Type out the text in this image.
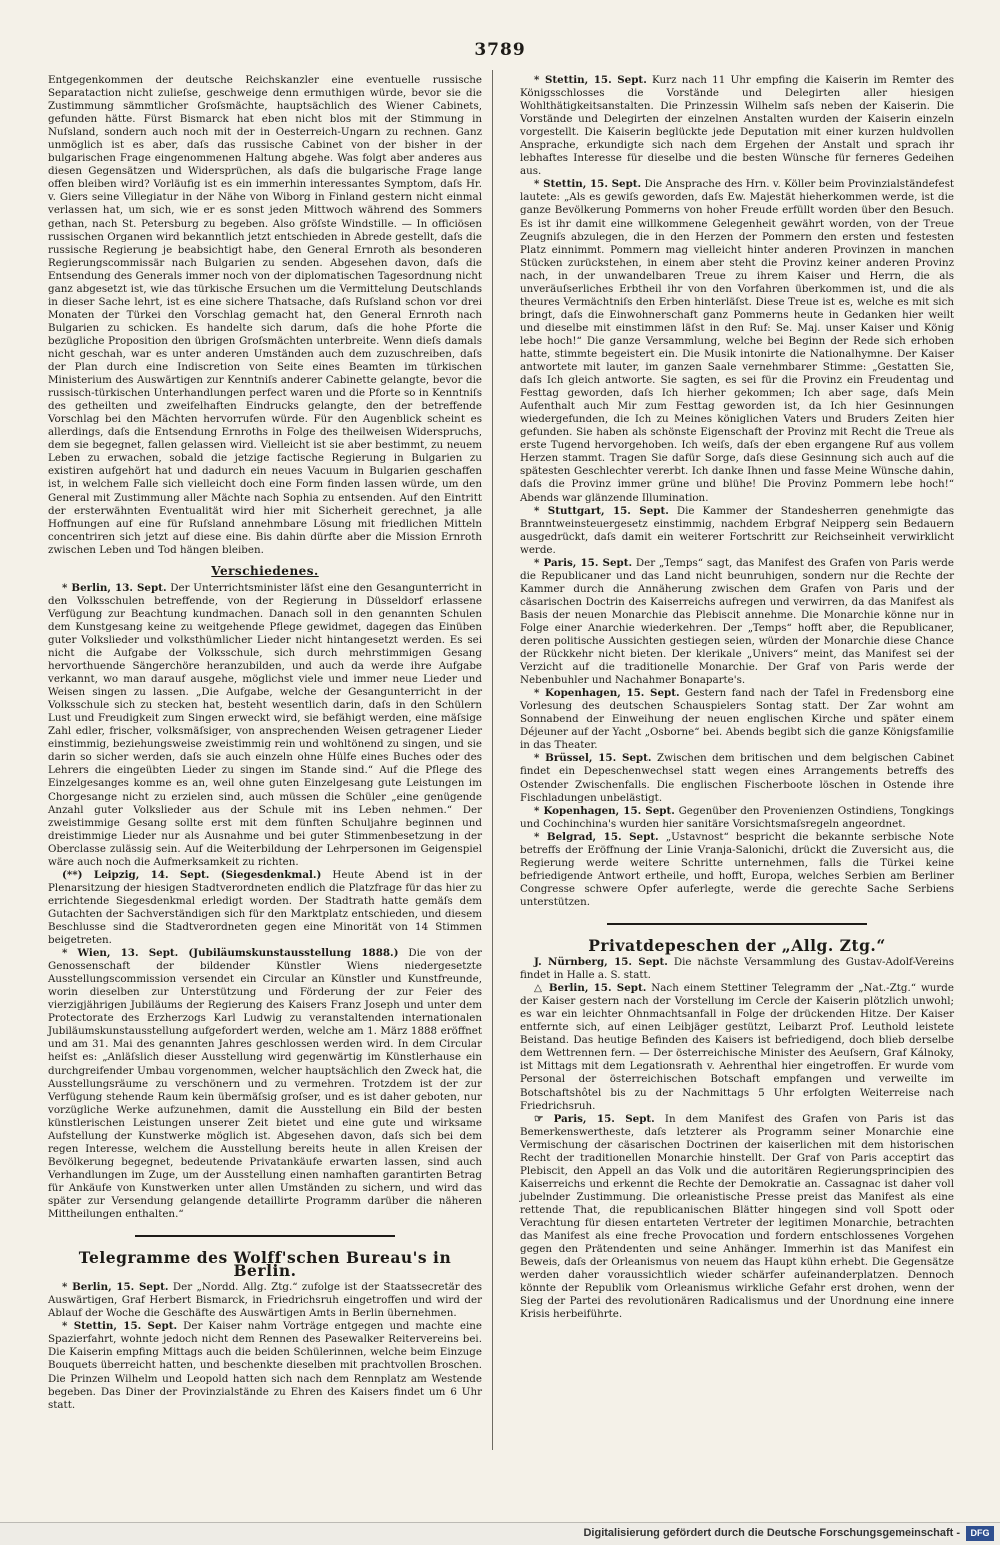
3789

Entgegenkommen der deutsche Reichskanzler eine eventuelle russische Separataction nicht zulieſse, geschweige denn ermuthigen würde, bevor sie die Zustimmung sämmtlicher Groſsmächte, hauptsächlich des Wiener Cabinets, gefunden hätte. Fürst Bismarck hat eben nicht blos mit der Stimmung in Nuſsland, sondern auch noch mit der in Oesterreich-Ungarn zu rechnen. Ganz unmöglich ist es aber, daſs das russische Cabinet von der bisher in der bulgarischen Frage eingenommenen Haltung abgehe. Was folgt aber anderes aus diesen Gegensätzen und Widersprüchen, als daſs die bulgarische Frage lange offen bleiben wird? Vorläufig ist es ein immerhin interessantes Symptom, daſs Hr. v. Giers seine Villegiatur in der Nähe von Wiborg in Finland gestern nicht einmal verlassen hat, um sich, wie er es sonst jeden Mittwoch während des Sommers gethan, nach St. Petersburg zu begeben. Also gröſste Windstille. — In officiösen russischen Organen wird bekanntlich jetzt entschieden in Abrede gestellt, daſs die russische Regierung je beabsichtigt habe, den General Ernroth als besonderen Regierungscommissär nach Bulgarien zu senden. Abgesehen davon, daſs die Entsendung des Generals immer noch von der diplomatischen Tagesordnung nicht ganz abgesetzt ist, wie das türkische Ersuchen um die Vermittelung Deutschlands in dieser Sache lehrt, ist es eine sichere Thatsache, daſs Ruſsland schon vor drei Monaten der Türkei den Vorschlag gemacht hat, den General Ernroth nach Bulgarien zu schicken. Es handelte sich darum, daſs die hohe Pforte die bezügliche Proposition den übrigen Groſsmächten unterbreite. Wenn dieſs damals nicht geschah, war es unter anderen Umständen auch dem zuzuschreiben, daſs der Plan durch eine Indiscretion von Seite eines Beamten im türkischen Ministerium des Auswärtigen zur Kenntniſs anderer Cabinette gelangte, bevor die russisch-türkischen Unterhandlungen perfect waren und die Pforte so in Kenntniſs des getheilten und zweifelhaften Eindrucks gelangte, den der betreffende Vorschlag bei den Mächten hervorrufen würde. Für den Augenblick scheint es allerdings, daſs die Entsendung Ernroths in Folge des theilweisen Widerspruchs, dem sie begegnet, fallen gelassen wird. Vielleicht ist sie aber bestimmt, zu neuem Leben zu erwachen, sobald die jetzige factische Regierung in Bulgarien zu existiren aufgehört hat und dadurch ein neues Vacuum in Bulgarien geschaffen ist, in welchem Falle sich vielleicht doch eine Form finden lassen würde, um den General mit Zustimmung aller Mächte nach Sophia zu entsenden. Auf den Eintritt der ersterwähnten Eventualität wird hier mit Sicherheit gerechnet, ja alle Hoffnungen auf eine für Ruſsland annehmbare Lösung mit friedlichen Mitteln concentriren sich jetzt auf diese eine. Bis dahin dürfte aber die Mission Ernroth zwischen Leben und Tod hängen bleiben.

Verschiedenes.

* Berlin, 13. Sept. Der Unterrichtsminister läſst eine den Gesangunterricht in den Volksschulen betreffende, von der Regierung in Düsseldorf erlassene Verfügung zur Beachtung kundmachen. Danach soll in den genannten Schulen dem Kunstgesang keine zu weitgehende Pflege gewidmet, dagegen das Einüben guter Volkslieder und volksthümlicher Lieder nicht hintangesetzt werden. Es sei nicht die Aufgabe der Volksschule, sich durch mehrstimmigen Gesang hervorthuende Sängerchöre heranzubilden, und auch da werde ihre Aufgabe verkannt, wo man darauf ausgehe, möglichst viele und immer neue Lieder und Weisen singen zu lassen. „Die Aufgabe, welche der Gesangunterricht in der Volksschule sich zu stecken hat, besteht wesentlich darin, daſs in den Schülern Lust und Freudigkeit zum Singen erweckt wird, sie befähigt werden, eine mäſsige Zahl edler, frischer, volksmäſsiger, von ansprechenden Weisen getragener Lieder einstimmig, beziehungsweise zweistimmig rein und wohltönend zu singen, und sie darin so sicher werden, daſs sie auch einzeln ohne Hülfe eines Buches oder des Lehrers die eingeübten Lieder zu singen im Stande sind.“ Auf die Pflege des Einzelgesanges komme es an, weil ohne guten Einzelgesang gute Leistungen im Chorgesange nicht zu erzielen sind, auch müssen die Schüler „eine genügende Anzahl guter Volkslieder aus der Schule mit ins Leben nehmen.“ Der zweistimmige Gesang sollte erst mit dem fünften Schuljahre beginnen und dreistimmige Lieder nur als Ausnahme und bei guter Stimmenbesetzung in der Oberclasse zulässig sein. Auf die Weiterbildung der Lehrpersonen im Geigenspiel wäre auch noch die Aufmerksamkeit zu richten.

(**) Leipzig, 14. Sept. (Siegesdenkmal.) Heute Abend ist in der Plenarsitzung der hiesigen Stadtverordneten endlich die Platzfrage für das hier zu errichtende Siegesdenkmal erledigt worden. Der Stadtrath hatte gemäſs dem Gutachten der Sachverständigen sich für den Marktplatz entschieden, und diesem Beschlusse sind die Stadtverordneten gegen eine Minorität von 14 Stimmen beigetreten.

* Wien, 13. Sept. (Jubiläumskunstausstellung 1888.) Die von der Genossenschaft der bildender Künstler Wiens niedergesetzte Ausstellungscommission versendet ein Circular an Künstler und Kunstfreunde, worin dieselben zur Unterstützung und Förderung der zur Feier des vierzigjährigen Jubiläums der Regierung des Kaisers Franz Joseph und unter dem Protectorate des Erzherzogs Karl Ludwig zu veranstaltenden internationalen Jubiläumskunstausstellung aufgefordert werden, welche am 1. März 1888 eröffnet und am 31. Mai des genannten Jahres geschlossen werden wird. In dem Circular heiſst es: „Anläſslich dieser Ausstellung wird gegenwärtig im Künstlerhause ein durchgreifender Umbau vorgenommen, welcher hauptsächlich den Zweck hat, die Ausstellungsräume zu verschönern und zu vermehren. Trotzdem ist der zur Verfügung stehende Raum kein übermäſsig groſser, und es ist daher geboten, nur vorzügliche Werke aufzunehmen, damit die Ausstellung ein Bild der besten künstlerischen Leistungen unserer Zeit bietet und eine gute und wirksame Aufstellung der Kunstwerke möglich ist. Abgesehen davon, daſs sich bei dem regen Interesse, welchem die Ausstellung bereits heute in allen Kreisen der Bevölkerung begegnet, bedeutende Privatankäufe erwarten lassen, sind auch Verhandlungen im Zuge, um der Ausstellung einen namhaften garantirten Betrag für Ankäufe von Kunstwerken unter allen Umständen zu sichern, und wird das später zur Versendung gelangende detaillirte Programm darüber die näheren Mittheilungen enthalten.“

Telegramme des Wolff'schen Bureau's in Berlin.

* Berlin, 15. Sept. Der „Nordd. Allg. Ztg.“ zufolge ist der Staatssecretär des Auswärtigen, Graf Herbert Bismarck, in Friedrichsruh eingetroffen und wird der Ablauf der Woche die Geschäfte des Auswärtigen Amts in Berlin übernehmen.

* Stettin, 15. Sept. Der Kaiser nahm Vorträge entgegen und machte eine Spazierfahrt, wohnte jedoch nicht dem Rennen des Pasewalker Reitervereins bei. Die Kaiserin empfing Mittags auch die beiden Schülerinnen, welche beim Einzuge Bouquets überreicht hatten, und beschenkte dieselben mit prachtvollen Broschen. Die Prinzen Wilhelm und Leopold hatten sich nach dem Rennplatz am Westende begeben. Das Diner der Provinzialstände zu Ehren des Kaisers findet um 6 Uhr statt.

* Stettin, 15. Sept. Kurz nach 11 Uhr empfing die Kaiserin im Remter des Königsschlosses die Vorstände und Delegirten aller hiesigen Wohlthätigkeitsanstalten. Die Prinzessin Wilhelm saſs neben der Kaiserin. Die Vorstände und Delegirten der einzelnen Anstalten wurden der Kaiserin einzeln vorgestellt. Die Kaiserin beglückte jede Deputation mit einer kurzen huldvollen Ansprache, erkundigte sich nach dem Ergehen der Anstalt und sprach ihr lebhaftes Interesse für dieselbe und die besten Wünsche für ferneres Gedeihen aus.

* Stettin, 15. Sept. Die Ansprache des Hrn. v. Köller beim Provinzialständefest lautete: „Als es gewiſs geworden, daſs Ew. Majestät hieherkommen werde, ist die ganze Bevölkerung Pommerns von hoher Freude erfüllt worden über den Besuch. Es ist ihr damit eine willkommene Gelegenheit gewährt worden, von der Treue Zeugniſs abzulegen, die in den Herzen der Pommern den ersten und festesten Platz einnimmt. Pommern mag vielleicht hinter anderen Provinzen in manchen Stücken zurückstehen, in einem aber steht die Provinz keiner anderen Provinz nach, in der unwandelbaren Treue zu ihrem Kaiser und Herrn, die als unveräuſserliches Erbtheil ihr von den Vorfahren überkommen ist, und die als theures Vermächtniſs den Erben hinterläſst. Diese Treue ist es, welche es mit sich bringt, daſs die Einwohnerschaft ganz Pommerns heute in Gedanken hier weilt und dieselbe mit einstimmen läſst in den Ruf: Se. Maj. unser Kaiser und König lebe hoch!“ Die ganze Versammlung, welche bei Beginn der Rede sich erhoben hatte, stimmte begeistert ein. Die Musik intonirte die Nationalhymne. Der Kaiser antwortete mit lauter, im ganzen Saale vernehmbarer Stimme: „Gestatten Sie, daſs Ich gleich antworte. Sie sagten, es sei für die Provinz ein Freudentag und Festtag geworden, daſs Ich hierher gekommen; Ich aber sage, daſs Mein Aufenthalt auch Mir zum Festtag geworden ist, da Ich hier Gesinnungen wiedergefunden, die Ich zu Meines königlichen Vaters und Bruders Zeiten hier gefunden. Sie haben als schönste Eigenschaft der Provinz mit Recht die Treue als erste Tugend hervorgehoben. Ich weiſs, daſs der eben ergangene Ruf aus vollem Herzen stammt. Tragen Sie dafür Sorge, daſs diese Gesinnung sich auch auf die spätesten Geschlechter vererbt. Ich danke Ihnen und fasse Meine Wünsche dahin, daſs die Provinz immer grüne und blühe! Die Provinz Pommern lebe hoch!“ Abends war glänzende Illumination.

* Stuttgart, 15. Sept. Die Kammer der Standesherren genehmigte das Branntweinsteuergesetz einstimmig, nachdem Erbgraf Neipperg sein Bedauern ausgedrückt, daſs damit ein weiterer Fortschritt zur Reichseinheit verwirklicht werde.

* Paris, 15. Sept. Der „Temps“ sagt, das Manifest des Grafen von Paris werde die Republicaner und das Land nicht beunruhigen, sondern nur die Rechte der Kammer durch die Annäherung zwischen dem Grafen von Paris und der cäsarischen Doctrin des Kaiserreichs aufregen und verwirren, da das Manifest als Basis der neuen Monarchie das Plebiscit annehme. Die Monarchie könne nur in Folge einer Anarchie wiederkehren. Der „Temps“ hofft aber, die Republicaner, deren politische Aussichten gestiegen seien, würden der Monarchie diese Chance der Rückkehr nicht bieten. Der klerikale „Univers“ meint, das Manifest sei der Verzicht auf die traditionelle Monarchie. Der Graf von Paris werde der Nebenbuhler und Nachahmer Bonaparte's.

* Kopenhagen, 15. Sept. Gestern fand nach der Tafel in Fredensborg eine Vorlesung des deutschen Schauspielers Sontag statt. Der Zar wohnt am Sonnabend der Einweihung der neuen englischen Kirche und später einem Déjeuner auf der Yacht „Osborne“ bei. Abends begibt sich die ganze Königsfamilie in das Theater.

* Brüssel, 15. Sept. Zwischen dem britischen und dem belgischen Cabinet findet ein Depeschenwechsel statt wegen eines Arrangements betreffs des Ostender Zwischenfalls. Die englischen Fischerboote löschen in Ostende ihre Fischladungen unbelästigt.

* Kopenhagen, 15. Sept. Gegenüber den Provenienzen Ostindiens, Tongkings und Cochinchina's wurden hier sanitäre Vorsichtsmaſsregeln angeordnet.

* Belgrad, 15. Sept. „Ustavnost“ bespricht die bekannte serbische Note betreffs der Eröffnung der Linie Vranja-Salonichi, drückt die Zuversicht aus, die Regierung werde weitere Schritte unternehmen, falls die Türkei keine befriedigende Antwort ertheile, und hofft, Europa, welches Serbien am Berliner Congresse schwere Opfer auferlegte, werde die gerechte Sache Serbiens unterstützen.

Privatdepeschen der „Allg. Ztg.“

J. Nürnberg, 15. Sept. Die nächste Versammlung des Gustav-Adolf-Vereins findet in Halle a. S. statt.

△ Berlin, 15. Sept. Nach einem Stettiner Telegramm der „Nat.-Ztg.“ wurde der Kaiser gestern nach der Vorstellung im Cercle der Kaiserin plötzlich unwohl; es war ein leichter Ohnmachtsanfall in Folge der drückenden Hitze. Der Kaiser entfernte sich, auf einen Leibjäger gestützt, Leibarzt Prof. Leuthold leistete Beistand. Das heutige Befinden des Kaisers ist befriedigend, doch blieb derselbe dem Wettrennen fern. — Der österreichische Minister des Aeuſsern, Graf Kálnoky, ist Mittags mit dem Legationsrath v. Aehrenthal hier eingetroffen. Er wurde vom Personal der österreichischen Botschaft empfangen und verweilte im Botschaftshôtel bis zu der Nachmittags 5 Uhr erfolgten Weiterreise nach Friedrichsruh.

☞ Paris, 15. Sept. In dem Manifest des Grafen von Paris ist das Bemerkenswertheste, daſs letzterer als Programm seiner Monarchie eine Vermischung der cäsarischen Doctrinen der kaiserlichen mit dem historischen Recht der traditionellen Monarchie hinstellt. Der Graf von Paris acceptirt das Plebiscit, den Appell an das Volk und die autoritären Regierungsprincipien des Kaiserreichs und erkennt die Rechte der Demokratie an. Cassagnac ist daher voll jubelnder Zustimmung. Die orleanistische Presse preist das Manifest als eine rettende That, die republicanischen Blätter hingegen sind voll Spott oder Verachtung für diesen entarteten Vertreter der legitimen Monarchie, betrachten das Manifest als eine freche Provocation und fordern entschlossenes Vorgehen gegen den Prätendenten und seine Anhänger. Immerhin ist das Manifest ein Beweis, daſs der Orleanismus von neuem das Haupt kühn erhebt. Die Gegensätze werden daher voraussichtlich wieder schärfer aufeinanderplatzen. Dennoch könnte der Republik vom Orleanismus wirkliche Gefahr erst drohen, wenn der Sieg der Partei des revolutionären Radicalismus und der Unordnung eine innere Krisis herbeiführte.

Digitalisierung gefördert durch die Deutsche Forschungsgemeinschaft -	DFG
